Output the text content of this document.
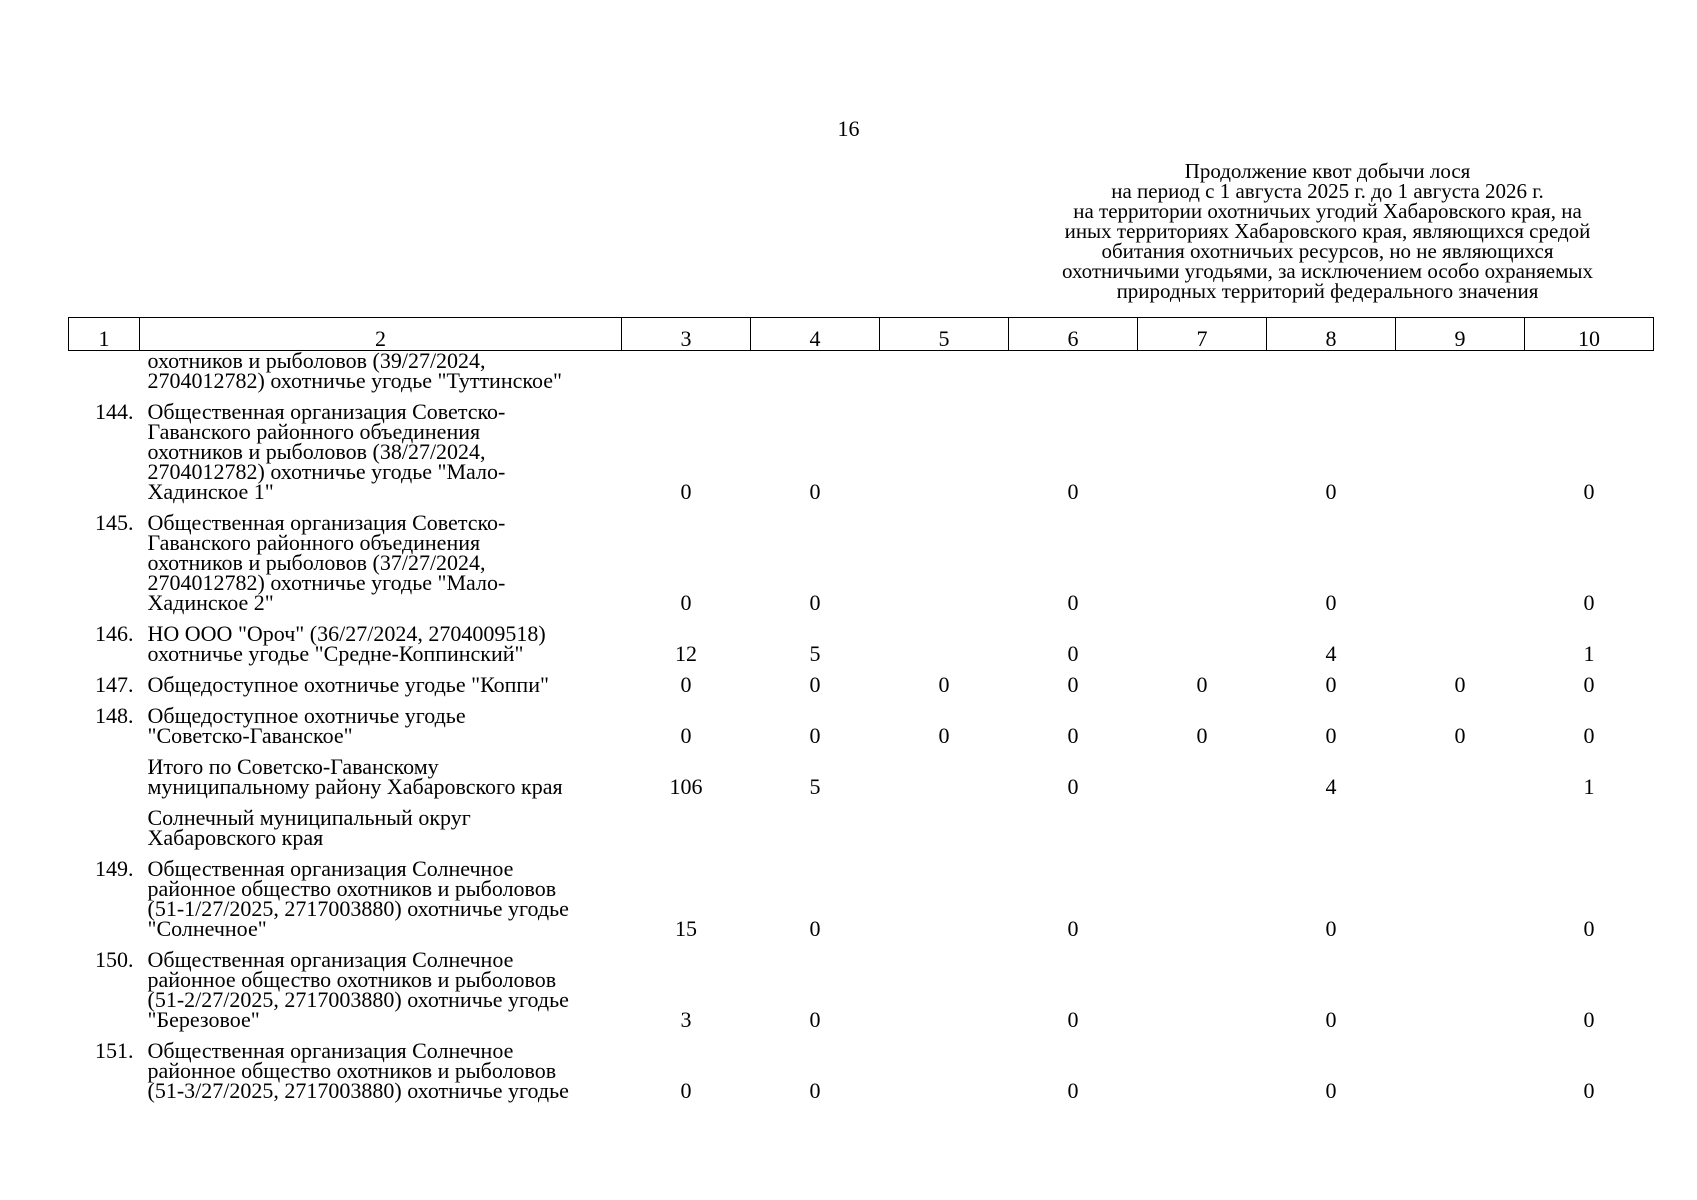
16
Продолжение квот добычи лося
на период с 1 августа 2025 г. до 1 августа 2026 г.
на территории охотничьих угодий Хабаровского края, на
иных территориях Хабаровского края, являющихся средой
обитания охотничьих ресурсов, но не являющихся
охотничьими угодьями, за исключением особо охраняемых
природных территорий федерального значения
1	2	3	4	5	6	7	8	9	10

	охотников и рыболовов (39/27/2024,
2704012782) охотничье угодье "Туттинское"								

144.	Общественная организация Советско-
Гаванского районного объединения
охотников и рыболовов (38/27/2024,
2704012782) охотничье угодье "Мало-
Хадинское 1"	0	0		0		0		0
145.	Общественная организация Советско-
Гаванского районного объединения
охотников и рыболовов (37/27/2024,
2704012782) охотничье угодье "Мало-
Хадинское 2"	0	0		0		0		0
146.	НО ООО "Ороч" (36/27/2024, 2704009518)
охотничье угодье "Средне-Коппинский"	12	5		0		4		1
147.	Общедоступное охотничье угодье "Коппи"	0	0	0	0	0	0	0	0
148.	Общедоступное охотничье угодье
"Советско-Гаванское"	0	0	0	0	0	0	0	0

	Итого по Советско-Гаванскому
муниципальному району Хабаровского края	106	5		0		4		1

	Солнечный муниципальный округ
Хабаровского края								

149.	Общественная организация Солнечное
районное общество охотников и рыболовов
(51-1/27/2025, 2717003880) охотничье угодье
"Солнечное"	15	0		0		0		0
150.	Общественная организация Солнечное
районное общество охотников и рыболовов
(51-2/27/2025, 2717003880) охотничье угодье
"Березовое"	3	0		0		0		0
151.	Общественная организация Солнечное
районное общество охотников и рыболовов
(51-3/27/2025, 2717003880) охотничье угодье	0	0		0		0		0
